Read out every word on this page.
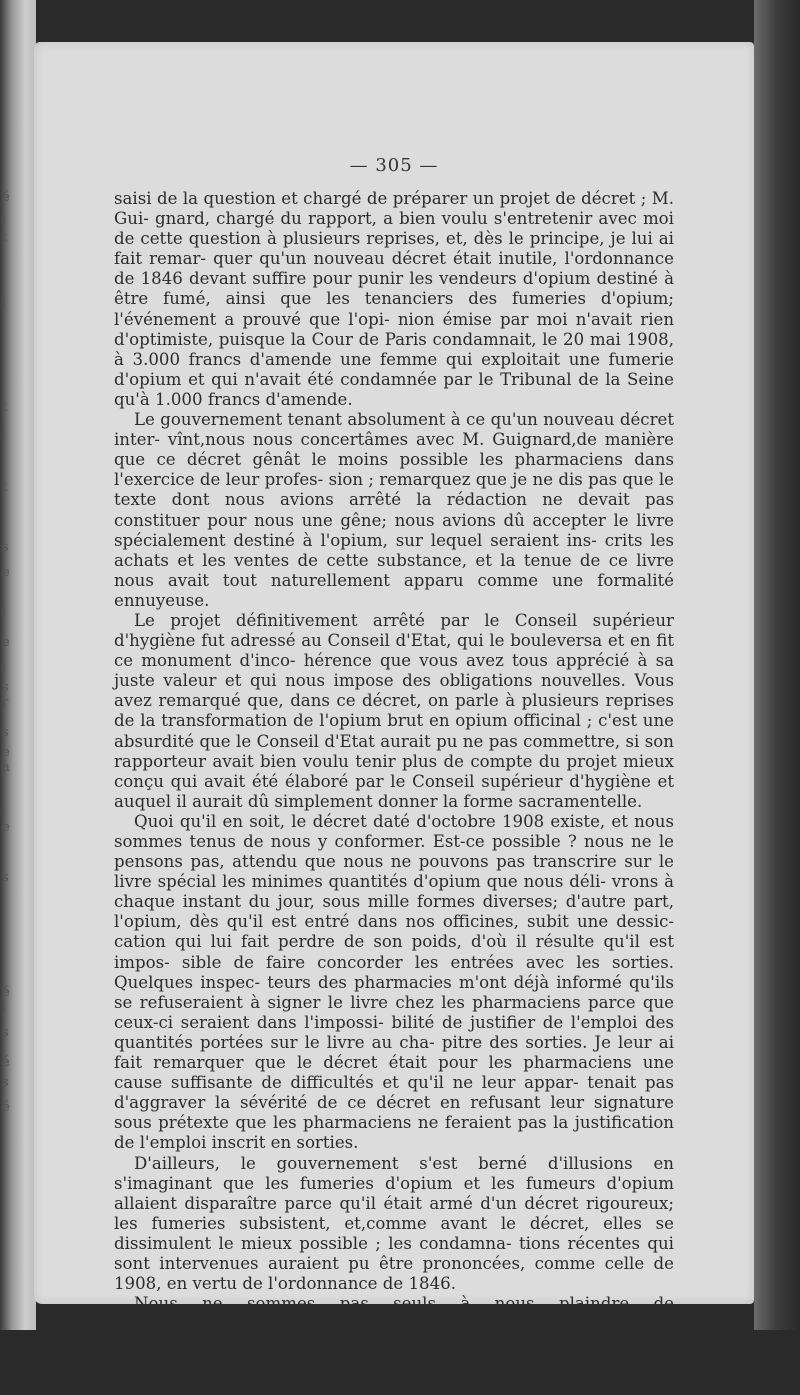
é
i
t
i
t
l
t
s
e
l
e
i
s
r
s
e
a
-
e
s
é
i
s
é
s
é
— 305 —

saisi de la question et chargé de préparer un projet de décret ; M. Gui- gnard, chargé du rapport, a bien voulu s'entretenir avec moi de cette question à plusieurs reprises, et, dès le principe, je lui ai fait remar- quer qu'un nouveau décret était inutile, l'ordonnance de 1846 devant suffire pour punir les vendeurs d'opium destiné à être fumé, ainsi que les tenanciers des fumeries d'opium; l'événement a prouvé que l'opi- nion émise par moi n'avait rien d'optimiste, puisque la Cour de Paris condamnait, le 20 mai 1908, à 3.000 francs d'amende une femme qui exploitait une fumerie d'opium et qui n'avait été condamnée par le Tribunal de la Seine qu'à 1.000 francs d'amende.

Le gouvernement tenant absolument à ce qu'un nouveau décret inter- vînt,nous nous concertâmes avec M. Guignard,de manière que ce décret gênât le moins possible les pharmaciens dans l'exercice de leur profes- sion ; remarquez que je ne dis pas que le texte dont nous avions arrêté la rédaction ne devait pas constituer pour nous une gêne; nous avions dû accepter le livre spécialement destiné à l'opium, sur lequel seraient ins- crits les achats et les ventes de cette substance, et la tenue de ce livre nous avait tout naturellement apparu comme une formalité ennuyeuse.

Le projet définitivement arrêté par le Conseil supérieur d'hygiène fut adressé au Conseil d'Etat, qui le bouleversa et en fit ce monument d'inco- hérence que vous avez tous apprécié à sa juste valeur et qui nous impose des obligations nouvelles. Vous avez remarqué que, dans ce décret, on parle à plusieurs reprises de la transformation de l'opium brut en opium officinal ; c'est une absurdité que le Conseil d'Etat aurait pu ne pas commettre, si son rapporteur avait bien voulu tenir plus de compte du projet mieux conçu qui avait été élaboré par le Conseil supérieur d'hygiène et auquel il aurait dû simplement donner la forme sacramentelle.

Quoi qu'il en soit, le décret daté d'octobre 1908 existe, et nous sommes tenus de nous y conformer. Est-ce possible ? nous ne le pensons pas, attendu que nous ne pouvons pas transcrire sur le livre spécial les minimes quantités d'opium que nous déli- vrons à chaque instant du jour, sous mille formes diverses; d'autre part, l'opium, dès qu'il est entré dans nos officines, subit une dessic- cation qui lui fait perdre de son poids, d'où il résulte qu'il est impos- sible de faire concorder les entrées avec les sorties. Quelques inspec- teurs des pharmacies m'ont déjà informé qu'ils se refuseraient à signer le livre chez les pharmaciens parce que ceux-ci seraient dans l'impossi- bilité de justifier de l'emploi des quantités portées sur le livre au cha- pitre des sorties. Je leur ai fait remarquer que le décret était pour les pharmaciens une cause suffisante de difficultés et qu'il ne leur appar- tenait pas d'aggraver la sévérité de ce décret en refusant leur signature sous prétexte que les pharmaciens ne feraient pas la justification de l'emploi inscrit en sorties.

D'ailleurs, le gouvernement s'est berné d'illusions en s'imaginant que les fumeries d'opium et les fumeurs d'opium allaient disparaître parce qu'il était armé d'un décret rigoureux; les fumeries subsistent, et,comme avant le décret, elles se dissimulent le mieux possible ; les condamna- tions récentes qui sont intervenues auraient pu être prononcées, comme celle de 1908, en vertu de l'ordonnance de 1846.

Nous ne sommes pas seuls à nous plaindre de l'assujettissement créé par le décret du 1er octobre 1908; les droguistes éprouvent les mêmes ennuis et les mêmes difficultés pour faire concorder les entrées avec les sorties, et ils ont demandé au gouvernement l'abrogation de ce décret innoportun.
